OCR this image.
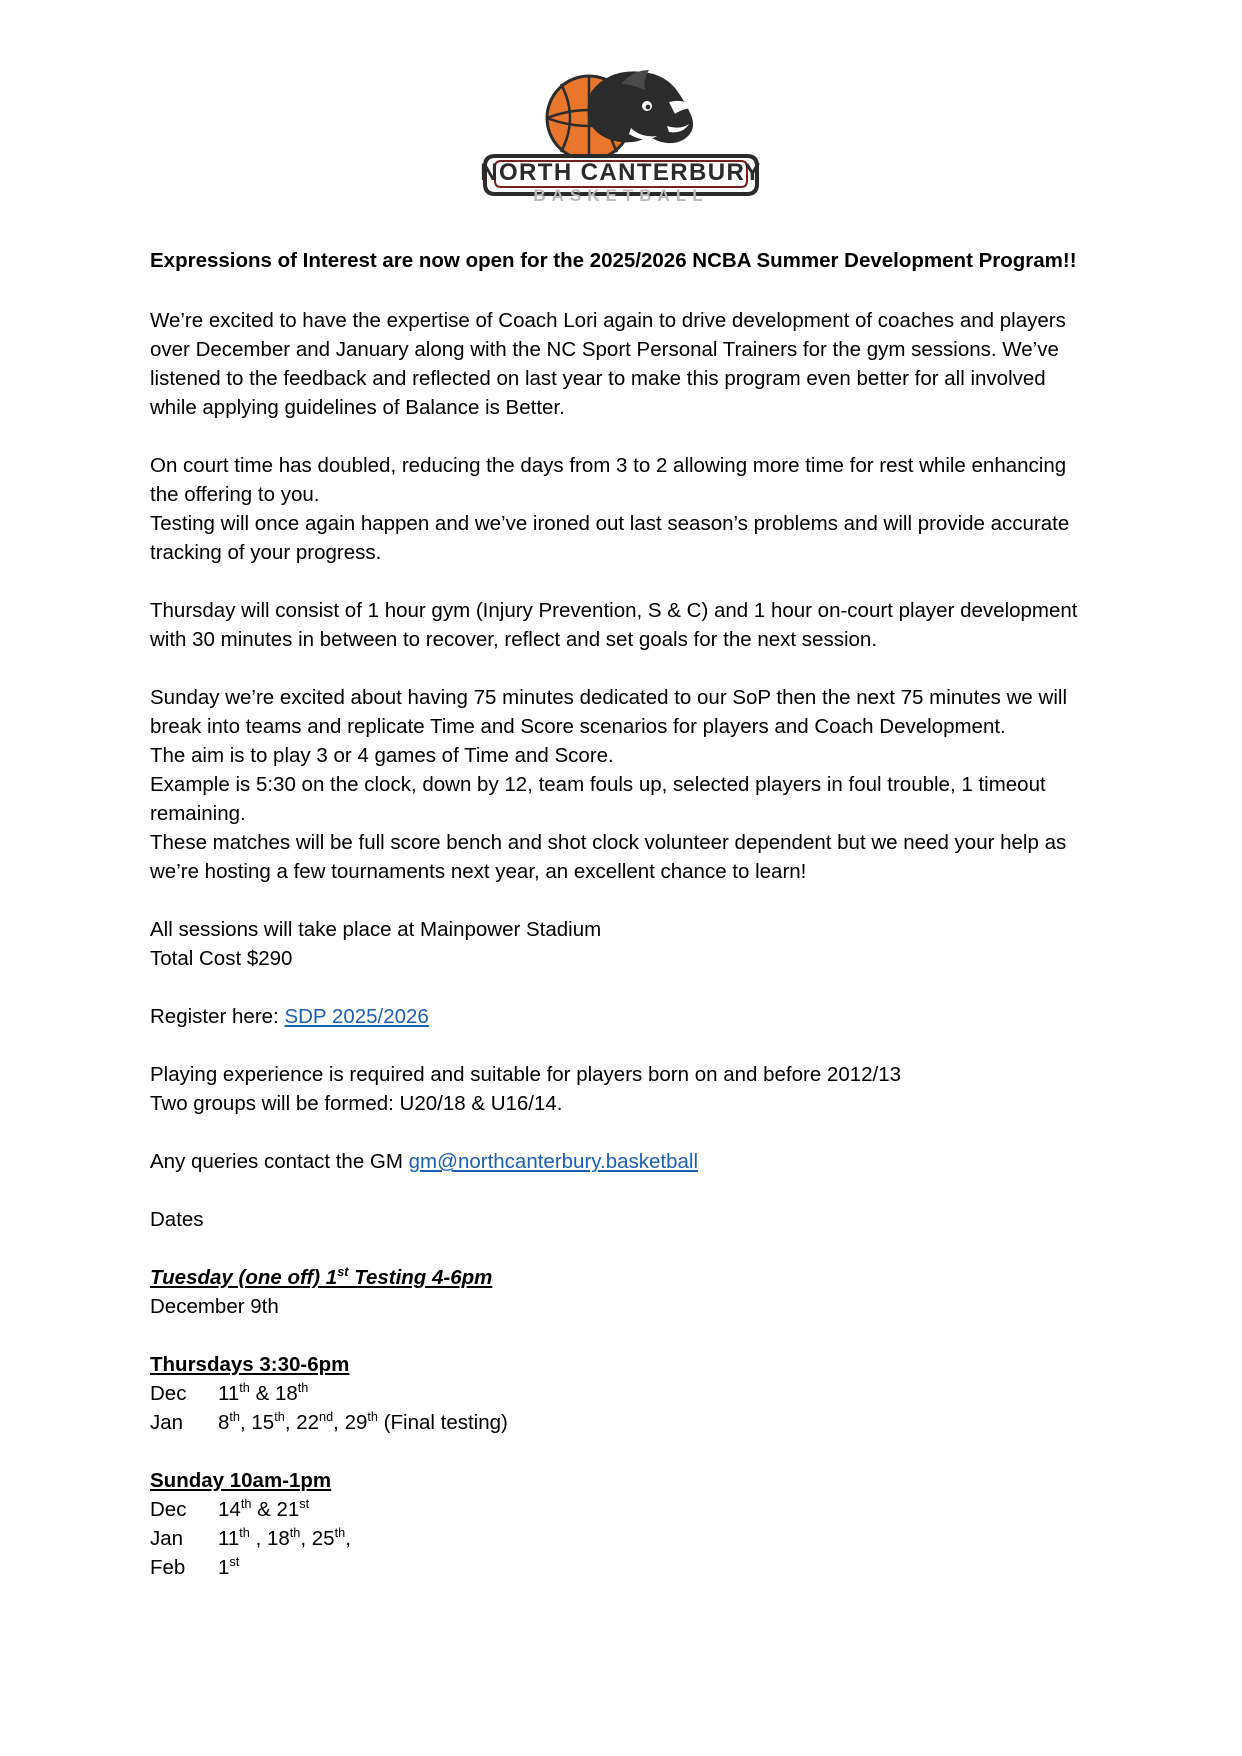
NORTH CANTERBURY
BASKETBALL

Expressions of Interest are now open for the 2025/2026 NCBA Summer Development Program!!

We’re excited to have the expertise of Coach Lori again to drive development of coaches and players over December and January along with the NC Sport Personal Trainers for the gym sessions. We’ve listened to the feedback and reflected on last year to make this program even better for all involved while applying guidelines of Balance is Better.

On court time has doubled, reducing the days from 3 to 2 allowing more time for rest while enhancing the offering to you.

Testing will once again happen and we’ve ironed out last season’s problems and will provide accurate tracking of your progress.

Thursday will consist of 1 hour gym (Injury Prevention, S & C) and 1 hour on-court player development with 30 minutes in between to recover, reflect and set goals for the next session.

Sunday we’re excited about having 75 minutes dedicated to our SoP then the next 75 minutes we will break into teams and replicate Time and Score scenarios for players and Coach Development.

The aim is to play 3 or 4 games of Time and Score.

Example is 5:30 on the clock, down by 12, team fouls up, selected players in foul trouble, 1 timeout remaining.

These matches will be full score bench and shot clock volunteer dependent but we need your help as we’re hosting a few tournaments next year, an excellent chance to learn!

All sessions will take place at Mainpower Stadium

Total Cost $290

Register here: SDP 2025/2026

Playing experience is required and suitable for players born on and before 2012/13

Two groups will be formed: U20/18 & U16/14.

Any queries contact the GM gm@northcanterbury.basketball

Dates

Tuesday (one off) 1st Testing 4-6pm

December 9th

Thursdays 3:30-6pm

Dec	11th & 18th
Jan	8th, 15th, 22nd, 29th (Final testing)

Sunday 10am-1pm

Dec	14th & 21st
Jan	11th , 18th, 25th,
Feb	1st
